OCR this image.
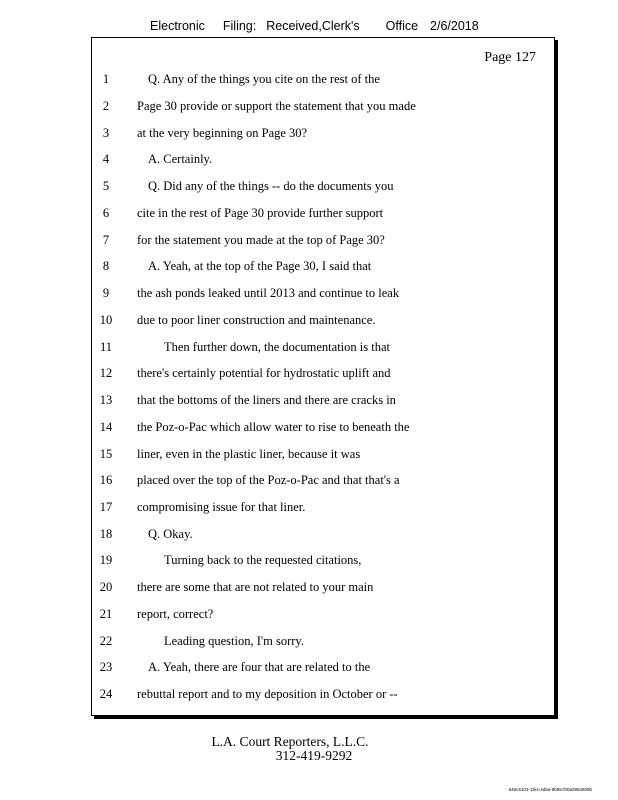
Electronic Filing: Received,Clerk's Office 2/6/2018
Page 127
1	Q. Any of the things you cite on the rest of the
2	Page 30 provide or support the statement that you made
3	at the very beginning on Page 30?
4	A. Certainly.
5	Q. Did any of the things -- do the documents you
6	cite in the rest of Page 30 provide further support
7	for the statement you made at the top of Page 30?
8	A. Yeah, at the top of the Page 30, I said that
9	the ash ponds leaked until 2013 and continue to leak
10	due to poor liner construction and maintenance.
11	Then further down, the documentation is that
12	there's certainly potential for hydrostatic uplift and
13	that the bottoms of the liners and there are cracks in
14	the Poz-o-Pac which allow water to rise to beneath the
15	liner, even in the plastic liner, because it was
16	placed over the top of the Poz-o-Pac and that that's a
17	compromising issue for that liner.
18	Q. Okay.
19	Turning back to the requested citations,
20	there are some that are not related to your main
21	report, correct?
22	Leading question, I'm sorry.
23	A. Yeah, there are four that are related to the
24	rebuttal report and to my deposition in October or --
L.A. Court Reporters, L.L.C.
312-419-9292
546c5102-1fe4-4d5a-8b55-f00a3952809b
